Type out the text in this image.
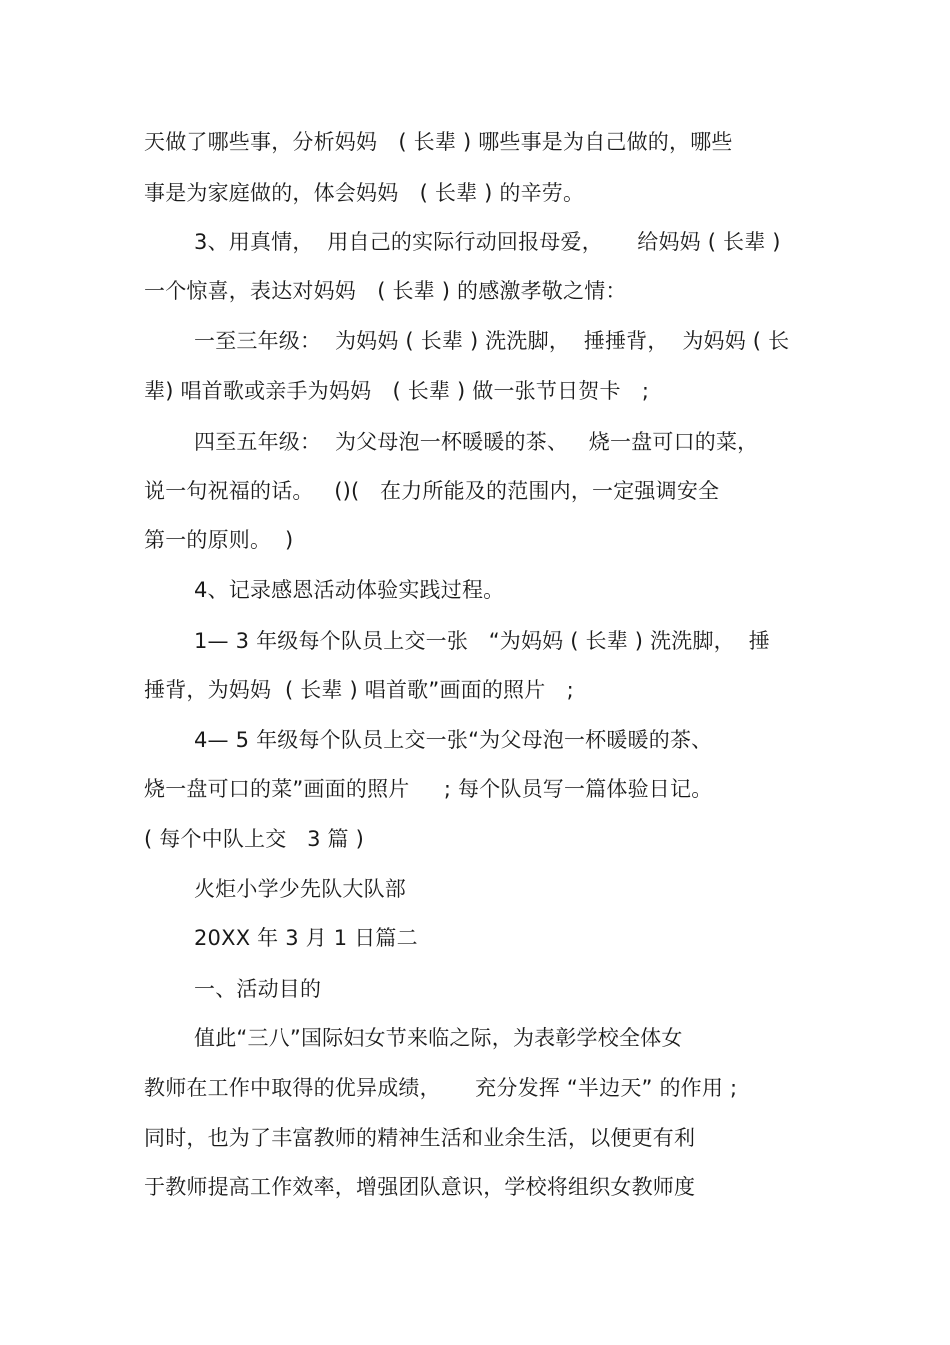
天做了哪些事，分析妈妈　( 长辈 ) 哪些事是为自己做的，哪些
事是为家庭做的，体会妈妈　( 长辈 ) 的辛劳。
3、用真情，  用自己的实际行动回报母爱，     给妈妈 ( 长辈 )
一个惊喜，表达对妈妈　( 长辈 ) 的感激孝敬之情：
一至三年级：  为妈妈 ( 长辈 ) 洗洗脚，  捶捶背，  为妈妈 ( 长
辈) 唱首歌或亲手为妈妈　( 长辈 ) 做一张节日贺卡　;
四至五年级：  为父母泡一杯暖暖的茶、   烧一盘可口的菜，
说一句祝福的话。   ()(   在力所能及的范围内，一定强调安全
第一的原则。  )
4、记录感恩活动体验实践过程。
1— 3 年级每个队员上交一张   “为妈妈 ( 长辈 ) 洗洗脚，  捶
捶背，为妈妈  ( 长辈 ) 唱首歌”画面的照片　;
4— 5 年级每个队员上交一张“为父母泡一杯暖暖的茶、
烧一盘可口的菜”画面的照片     ; 每个队员写一篇体验日记。
( 每个中队上交   3 篇 )
火炬小学少先队大队部
20XX 年 3 月 1 日篇二
一、活动目的
值此“三八”国际妇女节来临之际，为表彰学校全体女
教师在工作中取得的优异成绩，     充分发挥 “半边天” 的作用 ;
同时，也为了丰富教师的精神生活和业余生活，以便更有利
于教师提高工作效率，增强团队意识，学校将组织女教师度
